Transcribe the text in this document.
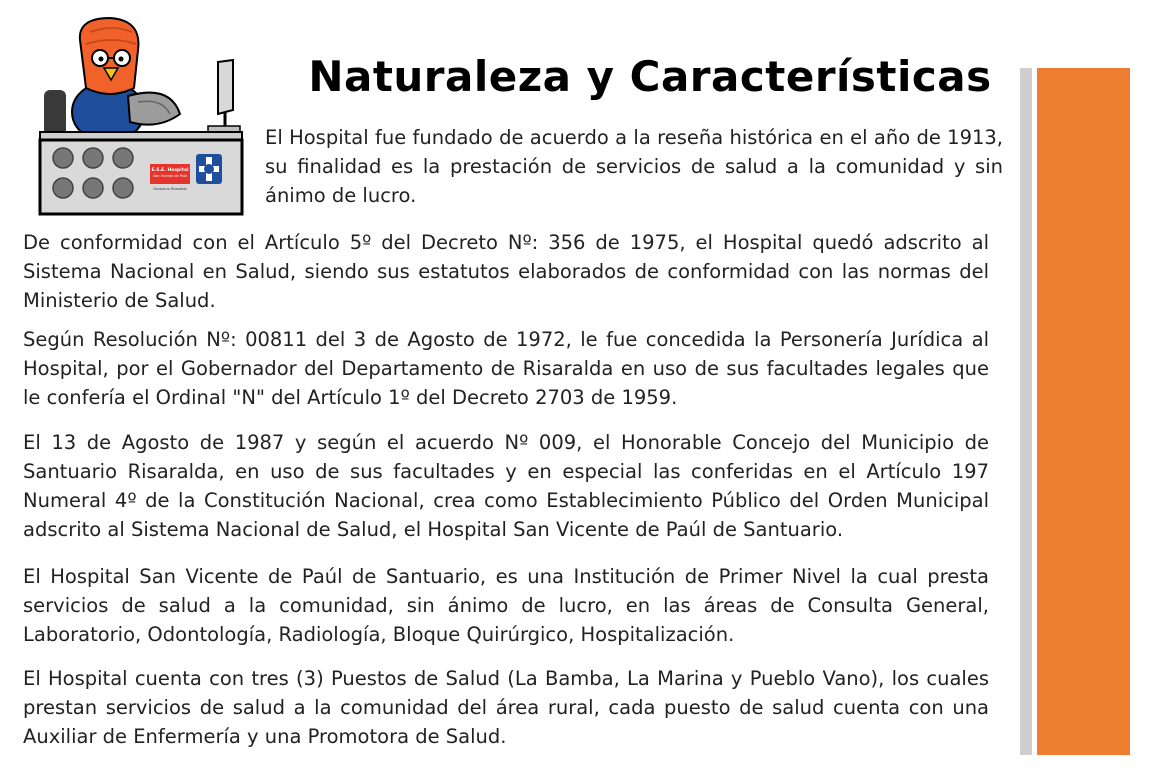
E.S.E. Hospital
San Vicente de Paúl
Santuario Risaralda
Naturaleza y Características

El Hospital fue fundado de acuerdo a la reseña histórica en el año de 1913, su finalidad es la prestación de servicios de salud a la comunidad y sin ánimo de lucro.

De conformidad con el Artículo 5º del Decreto Nº: 356 de 1975, el Hospital quedó adscrito al Sistema Nacional en Salud, siendo sus estatutos elaborados de conformidad con las normas del Ministerio de Salud.

Según Resolución Nº: 00811 del 3 de Agosto de 1972, le fue concedida la Personería Jurídica al Hospital, por el Gobernador del Departamento de Risaralda en uso de sus facultades legales que le confería el Ordinal "N" del Artículo 1º del Decreto 2703 de 1959.

El 13 de Agosto de 1987 y según el acuerdo Nº 009, el Honorable Concejo del Municipio de Santuario Risaralda, en uso de sus facultades y en especial las conferidas en el Artículo 197 Numeral 4º de la Constitución Nacional, crea como Establecimiento Público del Orden Municipal adscrito al Sistema Nacional de Salud, el Hospital San Vicente de Paúl de Santuario.

El Hospital San Vicente de Paúl de Santuario, es una Institución de Primer Nivel la cual presta servicios de salud a la comunidad, sin ánimo de lucro, en las áreas de Consulta General, Laboratorio, Odontología, Radiología, Bloque Quirúrgico, Hospitalización.

El Hospital cuenta con tres (3) Puestos de Salud (La Bamba, La Marina y Pueblo Vano), los cuales prestan servicios de salud a la comunidad del área rural, cada puesto de salud cuenta con una Auxiliar de Enfermería y una Promotora de Salud.
